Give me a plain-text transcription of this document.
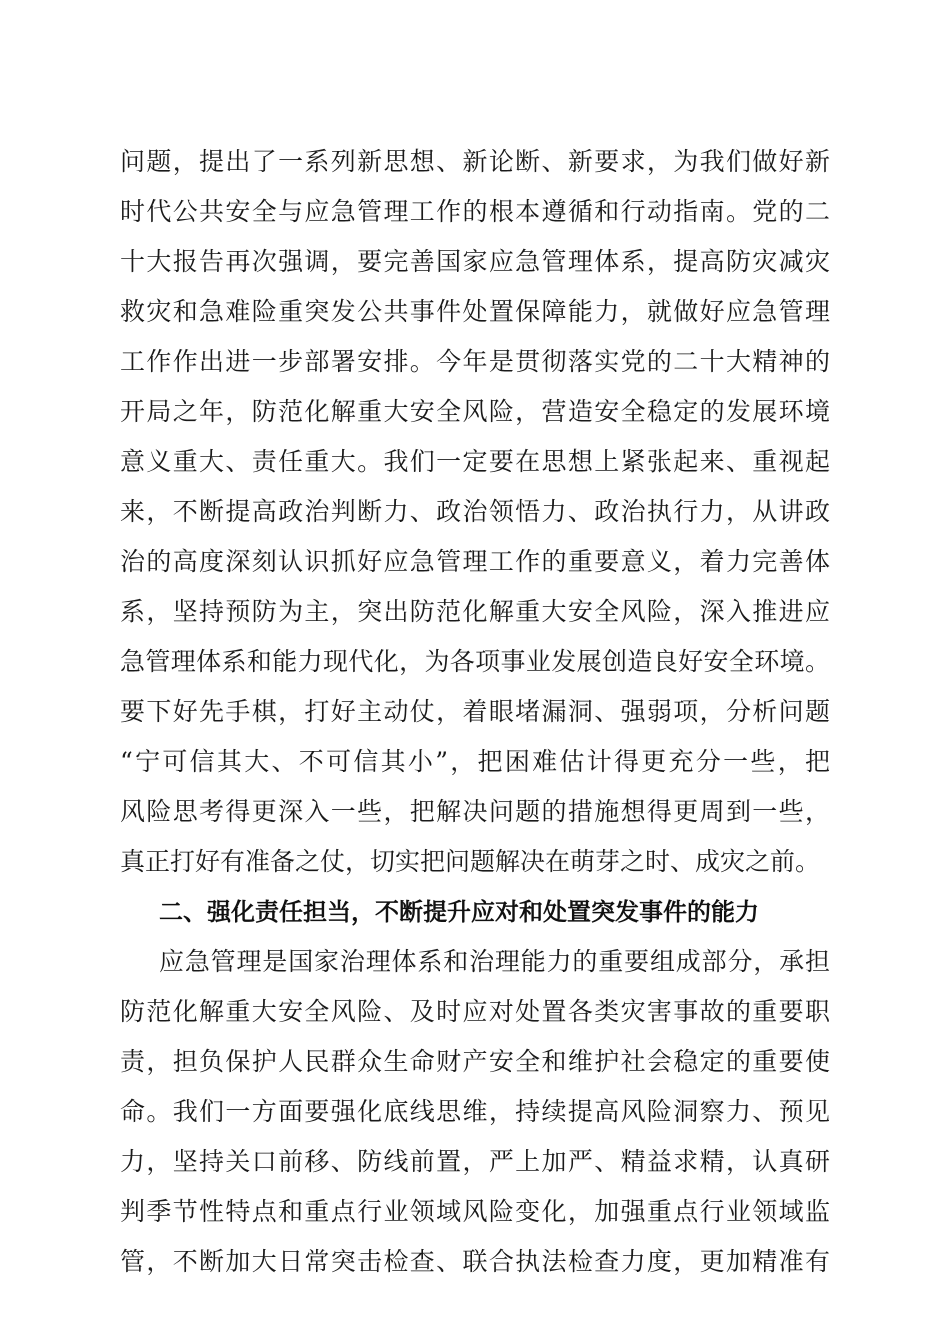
问题，提出了一系列新思想、新论断、新要求，为我们做好新
时代公共安全与应急管理工作的根本遵循和行动指南。党的二
十大报告再次强调，要完善国家应急管理体系，提高防灾减灾
救灾和急难险重突发公共事件处置保障能力，就做好应急管理
工作作出进一步部署安排。今年是贯彻落实党的二十大精神的
开局之年，防范化解重大安全风险，营造安全稳定的发展环境
意义重大、责任重大。我们一定要在思想上紧张起来、重视起
来，不断提高政治判断力、政治领悟力、政治执行力，从讲政
治的高度深刻认识抓好应急管理工作的重要意义，着力完善体
系，坚持预防为主，突出防范化解重大安全风险，深入推进应
急管理体系和能力现代化，为各项事业发展创造良好安全环境。
要下好先手棋，打好主动仗，着眼堵漏洞、强弱项，分析问题
“宁可信其大、不可信其小”，把困难估计得更充分一些，把
风险思考得更深入一些，把解决问题的措施想得更周到一些，
真正打好有准备之仗，切实把问题解决在萌芽之时、成灾之前。
二、强化责任担当，不断提升应对和处置突发事件的能力
应急管理是国家治理体系和治理能力的重要组成部分，承担
防范化解重大安全风险、及时应对处置各类灾害事故的重要职
责，担负保护人民群众生命财产安全和维护社会稳定的重要使
命。我们一方面要强化底线思维，持续提高风险洞察力、预见
力，坚持关口前移、防线前置，严上加严、精益求精，认真研
判季节性特点和重点行业领域风险变化，加强重点行业领域监
管，不断加大日常突击检查、联合执法检查力度，更加精准有
